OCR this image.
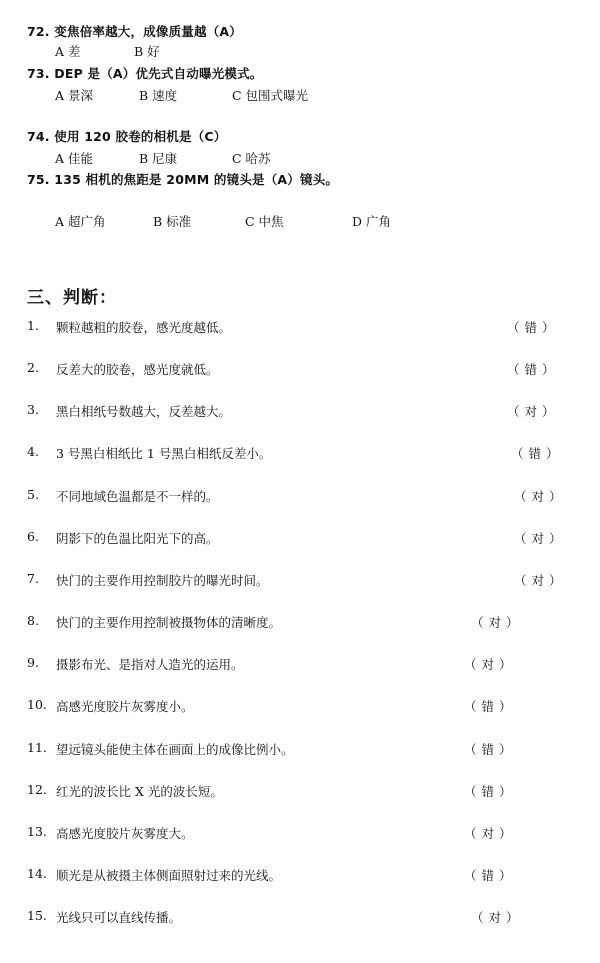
72. 变焦倍率越大，成像质量越（A）
A 差	B 好
73. DEP 是（A）优先式自动曝光模式。
A 景深	B 速度	C 包围式曝光
74. 使用 120 胶卷的相机是（C）
A 佳能	B 尼康	C 哈苏
75. 135 相机的焦距是 20MM 的镜头是（A）镜头。
A 超广角	B 标准	C 中焦	D 广角
三、判断：
1. 颗粒越粗的胶卷，感光度越低。	（ 错 ）
2. 反差大的胶卷，感光度就低。	（ 错 ）
3. 黑白相纸号数越大，反差越大。	（ 对 ）
4. 3 号黑白相纸比 1 号黑白相纸反差小。	（ 错 ）
5. 不同地域色温都是不一样的。	（ 对 ）
6. 阴影下的色温比阳光下的高。	（ 对 ）
7. 快门的主要作用控制胶片的曝光时间。	（ 对 ）
8. 快门的主要作用控制被摄物体的清晰度。	（ 对 ）
9. 摄影布光、是指对人造光的运用。	（ 对 ）
10. 高感光度胶片灰雾度小。	（ 错 ）
11. 望远镜头能使主体在画面上的成像比例小。	（ 错 ）
12. 红光的波长比 X 光的波长短。	（ 错 ）
13. 高感光度胶片灰雾度大。	（ 对 ）
14. 顺光是从被摄主体侧面照射过来的光线。	（ 错 ）
15. 光线只可以直线传播。	（ 对 ）
